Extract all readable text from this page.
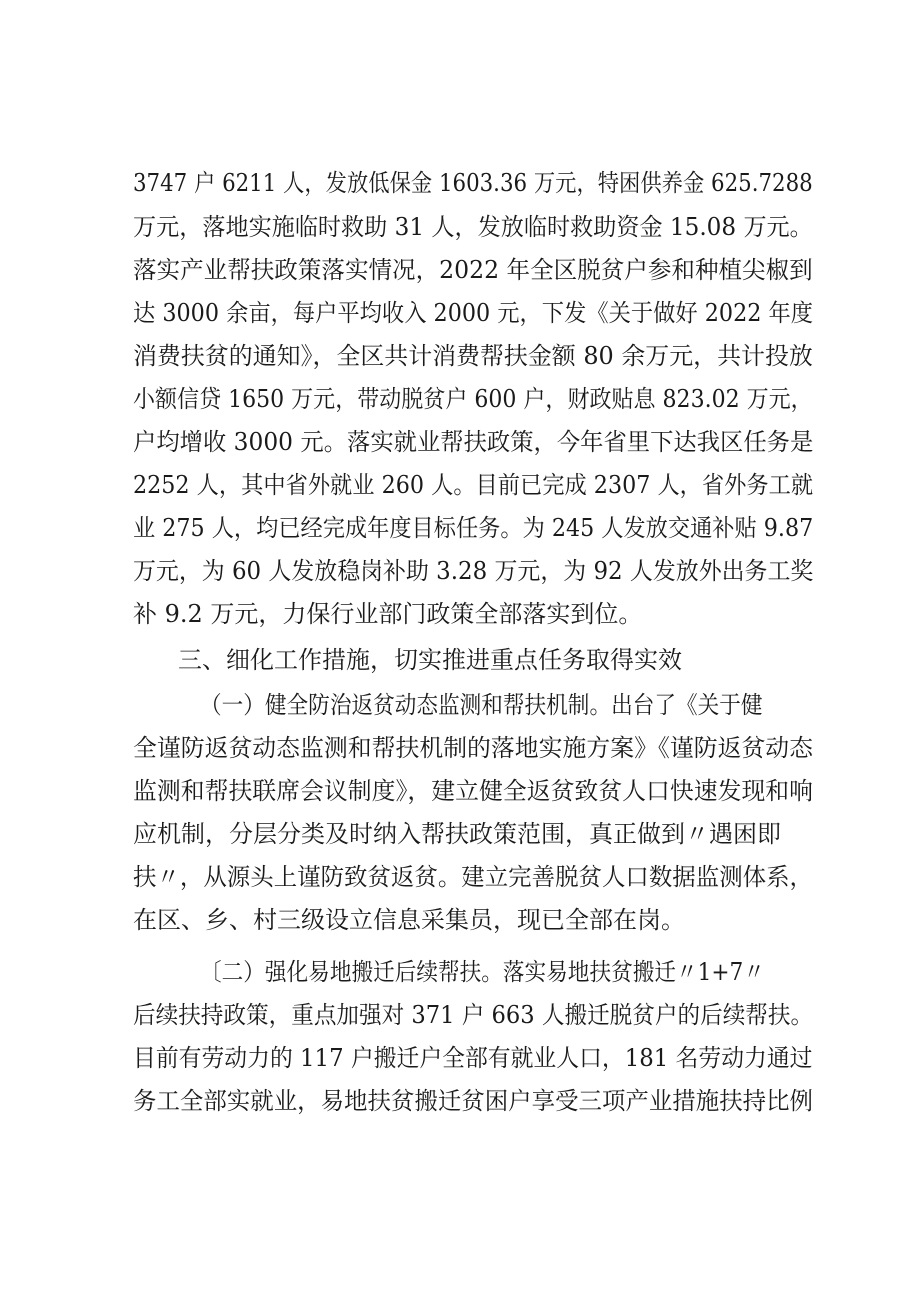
3747 户 6211 人，发放低保金 1603.36 万元，特困供养金 625.7288
万元，落地实施临时救助 31 人，发放临时救助资金 15.08 万元。
落实产业帮扶政策落实情况，2022 年全区脱贫户参和种植尖椒到
达 3000 余亩，每户平均收入 2000 元，下发《关于做好 2022 年度
消费扶贫的通知》，全区共计消费帮扶金额 80 余万元，共计投放
小额信贷 1650 万元，带动脱贫户 600 户，财政贴息 823.02 万元，
户均增收 3000 元。落实就业帮扶政策，今年省里下达我区任务是
2252 人，其中省外就业 260 人。目前已完成 2307 人，省外务工就
业 275 人，均已经完成年度目标任务。为 245 人发放交通补贴 9.87
万元，为 60 人发放稳岗补助 3.28 万元，为 92 人发放外出务工奖
补 9.2 万元，力保行业部门政策全部落实到位。
三、细化工作措施，切实推进重点任务取得实效
（一）健全防治返贫动态监测和帮扶机制。出台了《关于健
全谨防返贫动态监测和帮扶机制的落地实施方案》《谨防返贫动态
监测和帮扶联席会议制度》，建立健全返贫致贫人口快速发现和响
应机制，分层分类及时纳入帮扶政策范围，真正做到〃遇困即
扶〃，从源头上谨防致贫返贫。建立完善脱贫人口数据监测体系，
在区、乡、村三级设立信息采集员，现已全部在岗。
〔二）强化易地搬迁后续帮扶。落实易地扶贫搬迁〃1+7〃
后续扶持政策，重点加强对 371 户 663 人搬迁脱贫户的后续帮扶。
目前有劳动力的 117 户搬迁户全部有就业人口，181 名劳动力通过
务工全部实就业，易地扶贫搬迁贫困户享受三项产业措施扶持比例
